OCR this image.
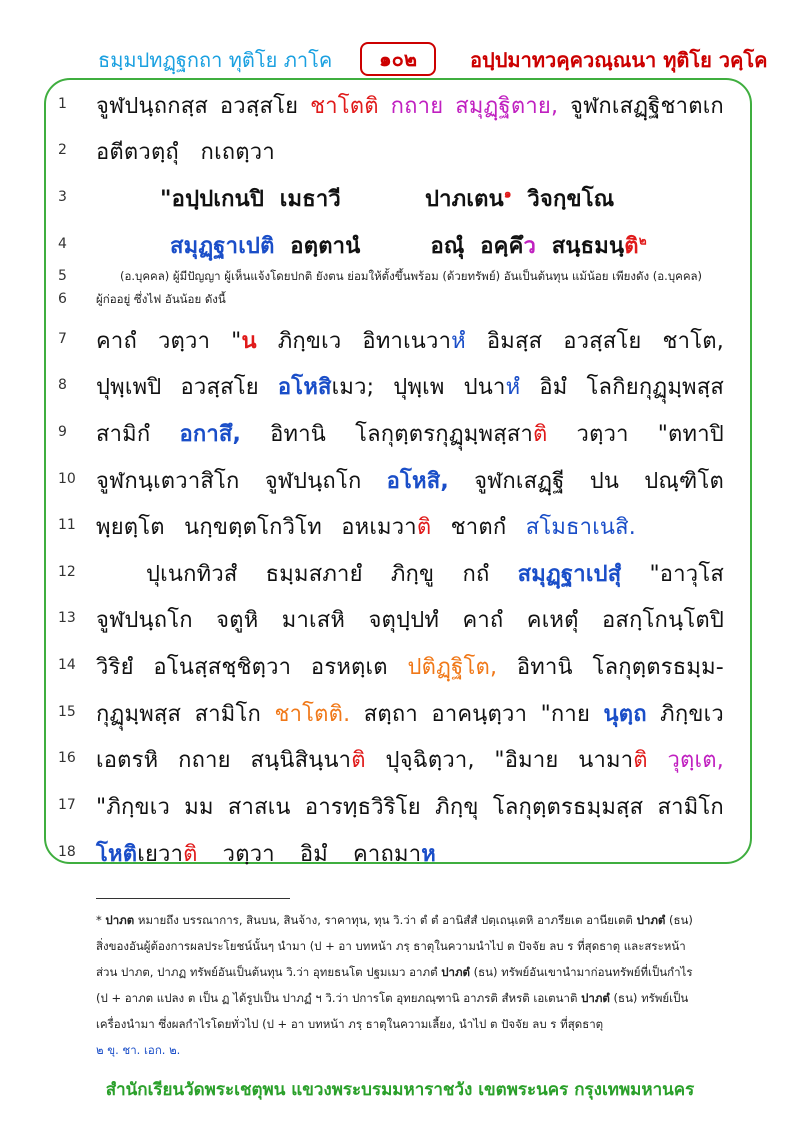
ธมฺมปทฏฺฐกถา ทุติโย ภาโค	๑๐๒	อปฺปมาทวคฺควณฺณนา ทุติโย วคฺโค
1
2
3
4
5
6
7
8
9
10
11
12
13
14
15
16
17
18
จูฬปนฺถกสฺส อวสฺสโย ชาโตติ กถาย สมุฏฺฐิตาย, จูฬกเสฏฺฐิชาตเก
อตีตวตฺถุํ กเถตฺวา
"อปฺปเกนปิ เมธาวี	ปาภเตน$^๑$ วิจกฺขโณ
สมุฏฺฐาเปติ อตฺตานํ	อณุํ อคฺคึว สนฺธมนฺติ$^๒$
(อ.บุคคล) ผู้มีปัญญา ผู้เห็นแจ้งโดยปกติ ยังตน ย่อมให้ตั้งขึ้นพร้อม (ด้วยทรัพย์) อันเป็นต้นทุน แม้น้อย เพียงดัง (อ.บุคคล)
ผู้ก่ออยู่ ซึ่งไฟ อันน้อย ดังนี้
คาถํ วตฺวา "น ภิกฺขเว อิทาเนวาหํ อิมสฺส อวสฺสโย ชาโต,
ปุพฺเพปิ อวสฺสโย อโหสิเมว; ปุพฺเพ ปนาหํ อิมํ โลกิยกุฏุมฺพสฺส
สามิกํ อกาสึ, อิทานิ โลกุตฺตรกุฏุมฺพสฺสาติ วตฺวา "ตทาปิ
จูฬกนฺเตวาสิโก จูฬปนฺถโก อโหสิ, จูฬกเสฏฺฐี ปน ปณฺฑิโต
พฺยตฺโต นกฺขตฺตโกวิโท อหเมวาติ ชาตกํ สโมธาเนสิ.
ปุเนกทิวสํ ธมฺมสภายํ ภิกฺขู กถํ สมุฏฺฐาเปสุํ "อาวุโส
จูฬปนฺถโก จตูหิ มาเสหิ จตุปฺปทํ คาถํ คเหตุํ อสกฺโกนฺโตปิ
วิริยํ อโนสฺสชฺชิตฺวา อรหตฺเต ปติฏฺฐิโต, อิทานิ โลกุตฺตรธมฺม-
กุฏุมฺพสฺส สามิโก ชาโตติ. สตฺถา อาคนฺตฺวา "กาย นุตฺถ ภิกฺขเว
เอตรหิ กถาย สนฺนิสินฺนาติ ปุจฺฉิตฺวา, "อิมาย นามาติ วุตฺเต,
"ภิกฺขเว มม สาสเน อารทฺธวิริโย ภิกฺขุ โลกุตฺตรธมฺมสฺส สามิโก
โหติเยวาติ วตฺวา อิมํ คาถมาห
* ปาภต หมายถึง บรรณาการ, สินบน, สินจ้าง, ราคาทุน, ทุน วิ.ว่า ตํ ตํ อานิสํสํ ปตฺเถนฺเตหิ อาภรียเต อานียเตติ ปาภตํ (ธน)
สิ่งของอันผู้ต้องการผลประโยชน์นั้นๆ นำมา (ป + อา บทหน้า ภรฺ ธาตุในความนำไป ต ปัจจัย ลบ ร ที่สุดธาตุ และสระหน้า
ส่วน ปาภต, ปาภฏ ทรัพย์อันเป็นต้นทุน วิ.ว่า อุทยธนโต ปฐมเมว อาภตํ ปาภตํ (ธน) ทรัพย์อันเขานำมาก่อนทรัพย์ที่เป็นกำไร
(ป + อาภต แปลง ต เป็น ฏ ได้รูปเป็น ปาภฏํ ฯ วิ.ว่า ปการโต อุทยภณฺฑานิ อาภรติ สํหรติ เอเตนาติ ปาภตํ (ธน) ทรัพย์เป็น
เครื่องนำมา ซึ่งผลกำไรโดยทั่วไป (ป + อา บทหน้า ภรฺ ธาตุในความเลี้ยง, นำไป ต ปัจจัย ลบ ร ที่สุดธาตุ
๒ ขุ. ชา. เอก. ๒.
สำนักเรียนวัดพระเชตุพน แขวงพระบรมมหาราชวัง เขตพระนคร กรุงเทพมหานคร
